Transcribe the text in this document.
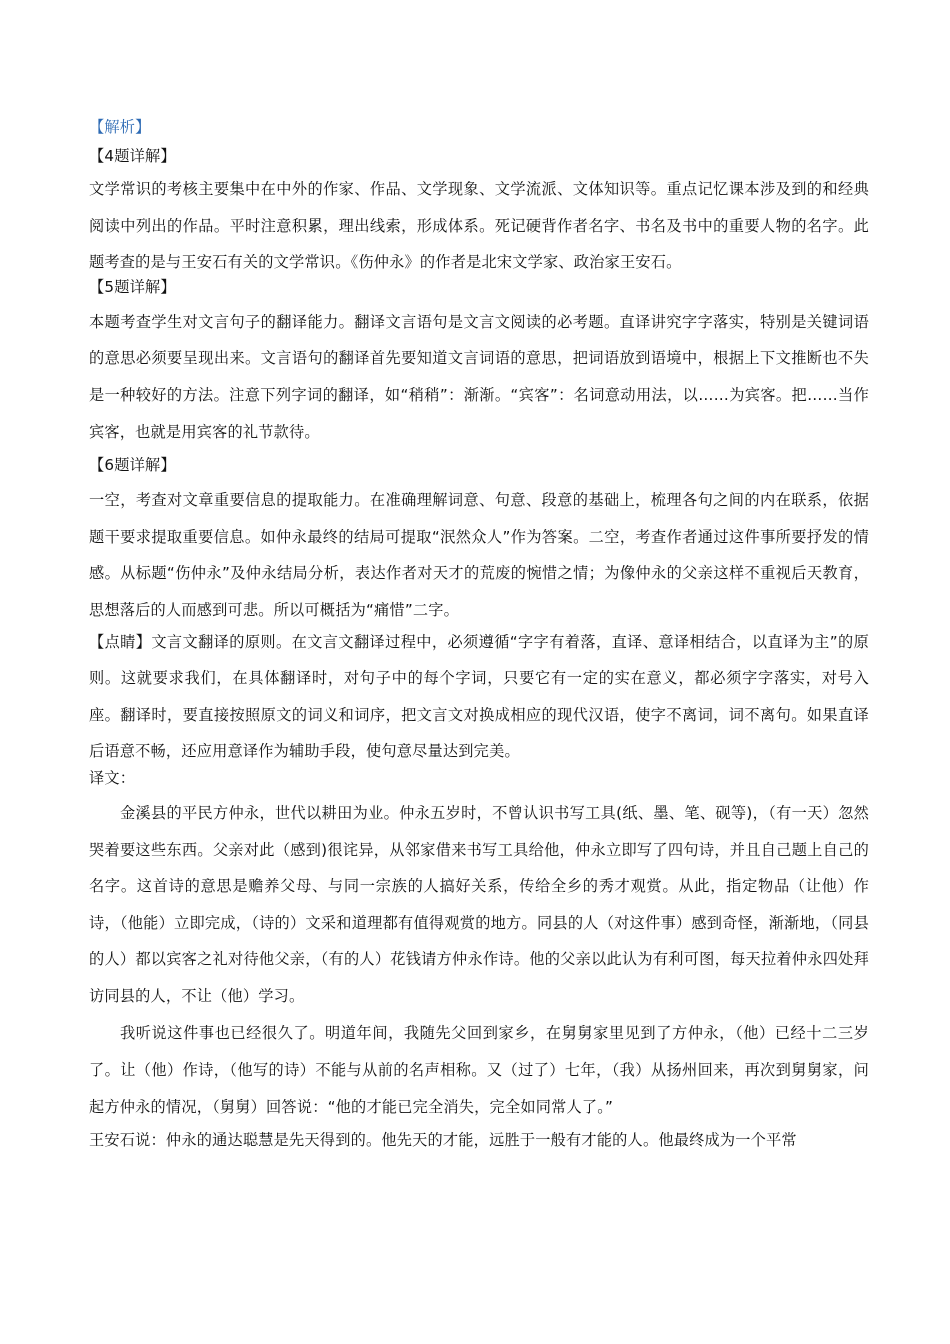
【解析】
【4题详解】

文学常识的考核主要集中在中外的作家、作品、文学现象、文学流派、文体知识等。重点记忆课本涉及到的和经典阅读中列出的作品。平时注意积累，理出线索，形成体系。死记硬背作者名字、书名及书中的重要人物的名字。此题考查的是与王安石有关的文学常识。《伤仲永》的作者是北宋文学家、政治家王安石。

【5题详解】

本题考查学生对文言句子的翻译能力。翻译文言语句是文言文阅读的必考题。直译讲究字字落实，特别是关键词语的意思必须要呈现出来。文言语句的翻译首先要知道文言词语的意思，把词语放到语境中，根据上下文推断也不失是一种较好的方法。注意下列字词的翻译，如“稍稍”：渐渐。“宾客”：名词意动用法，以……为宾客。把……当作宾客，也就是用宾客的礼节款待。

【6题详解】

一空，考查对文章重要信息的提取能力。在准确理解词意、句意、段意的基础上，梳理各句之间的内在联系，依据题干要求提取重要信息。如仲永最终的结局可提取“泯然众人”作为答案。二空，考查作者通过这件事所要抒发的情感。从标题“伤仲永”及仲永结局分析，表达作者对天才的荒废的惋惜之情；为像仲永的父亲这样不重视后天教育，思想落后的人而感到可悲。所以可概括为“痛惜”二字。

【点睛】文言文翻译的原则。在文言文翻译过程中，必须遵循“字字有着落，直译、意译相结合，以直译为主”的原则。这就要求我们，在具体翻译时，对句子中的每个字词，只要它有一定的实在意义，都必须字字落实，对号入座。翻译时，要直接按照原文的词义和词序，把文言文对换成相应的现代汉语，使字不离词，词不离句。如果直译后语意不畅，还应用意译作为辅助手段，使句意尽量达到完美。

译文：

金溪县的平民方仲永，世代以耕田为业。仲永五岁时，不曾认识书写工具(纸、墨、笔、砚等)，（有一天）忽然哭着要这些东西。父亲对此（感到)很诧异，从邻家借来书写工具给他，仲永立即写了四句诗，并且自己题上自己的名字。这首诗的意思是赡养父母、与同一宗族的人搞好关系，传给全乡的秀才观赏。从此，指定物品（让他）作诗，（他能）立即完成，（诗的）文采和道理都有值得观赏的地方。同县的人（对这件事）感到奇怪，渐渐地，（同县的人）都以宾客之礼对待他父亲，（有的人）花钱请方仲永作诗。他的父亲以此认为有利可图，每天拉着仲永四处拜访同县的人，不让（他）学习。

我听说这件事也已经很久了。明道年间，我随先父回到家乡，在舅舅家里见到了方仲永，（他）已经十二三岁了。让（他）作诗，（他写的诗）不能与从前的名声相称。又（过了）七年，（我）从扬州回来，再次到舅舅家，问起方仲永的情况，（舅舅）回答说：“他的才能已完全消失，完全如同常人了。”

王安石说：仲永的通达聪慧是先天得到的。他先天的才能，远胜于一般有才能的人。他最终成为一个平常
